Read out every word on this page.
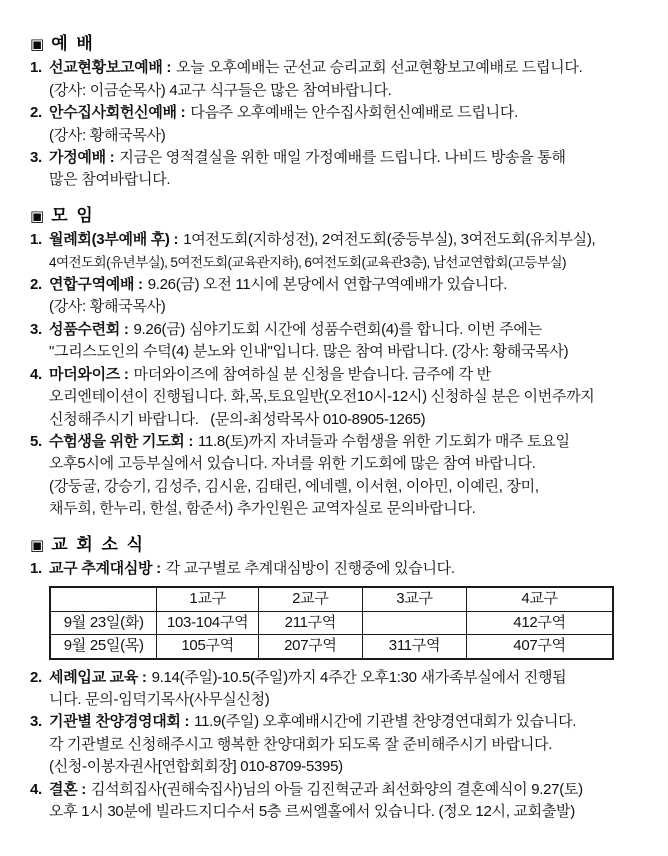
▣ 예 배
1. 선교현황보고예배 : 오늘 오후예배는 군선교 승리교회 선교현황보고예배로 드립니다.
(강사: 이금순목사) 4교구 식구들은 많은 참여바랍니다.
2. 안수집사회헌신예배 : 다음주 오후예배는 안수집사회헌신예배로 드립니다.
(강사: 황해국목사)
3. 가정예배 : 지금은 영적결실을 위한 매일 가정예배를 드립니다. 나비드 방송을 통해
많은 참여바랍니다.
▣ 모 임
1. 월례회(3부예배 후) : 1여전도회(지하성전), 2여전도회(중등부실), 3여전도회(유치부실),
4여전도회(유년부실), 5여전도회(교육관지하), 6여전도회(교육관3층), 남선교연합회(고등부실)
2. 연합구역예배 : 9.26(금) 오전 11시에 본당에서 연합구역예배가 있습니다.
(강사: 황해국목사)
3. 성품수련회 : 9.26(금) 심야기도회 시간에 성품수련회(4)를 합니다. 이번 주에는
"그리스도인의 수덕(4) 분노와 인내"입니다. 많은 참여 바랍니다. (강사: 황해국목사)
4. 마더와이즈 : 마더와이즈에 참여하실 분 신청을 받습니다. 금주에 각 반
오리엔테이션이 진행됩니다. 화,목,토요일반(오전10시-12시) 신청하실 분은 이번주까지
신청해주시기 바랍니다.   (문의-최성락목사 010-8905-1265)
5. 수험생을 위한 기도회 : 11.8(토)까지 자녀들과 수험생을 위한 기도회가 매주 토요일
오후5시에 고등부실에서 있습니다. 자녀를 위한 기도회에 많은 참여 바랍니다.
(강둥굴, 강승기, 김성주, 김시윤, 김태린, 에네렐, 이서현, 이아민, 이예린, 장미,
채두희, 한누리, 한설, 함준서) 추가인원은 교역자실로 문의바랍니다.
▣ 교 회 소 식
1. 교구 추계대심방 : 각 교구별로 추계대심방이 진행중에 있습니다.
	1교구	2교구	3교구	4교구
9월 23일(화)	103-104구역	211구역		412구역
9월 25일(목)	105구역	207구역	311구역	407구역
2. 세례입교 교육 : 9.14(주일)-10.5(주일)까지 4주간 오후1:30 새가족부실에서 진행됩
니다. 문의-임덕기목사(사무실신청)
3. 기관별 찬양경영대회 : 11.9(주일) 오후예배시간에 기관별 찬양경연대회가 있습니다.
각 기관별로 신청해주시고 행복한 찬양대회가 되도록 잘 준비해주시기 바랍니다.
(신청-이봉자권사[연합회회장] 010-8709-5395)
4. 결혼 : 김석희집사(권해숙집사)님의 아들 김진혁군과 최선화양의 결혼예식이 9.27(토)
오후 1시 30분에 빌라드지디수서 5층 르씨엘홀에서 있습니다. (정오 12시, 교회출발)
